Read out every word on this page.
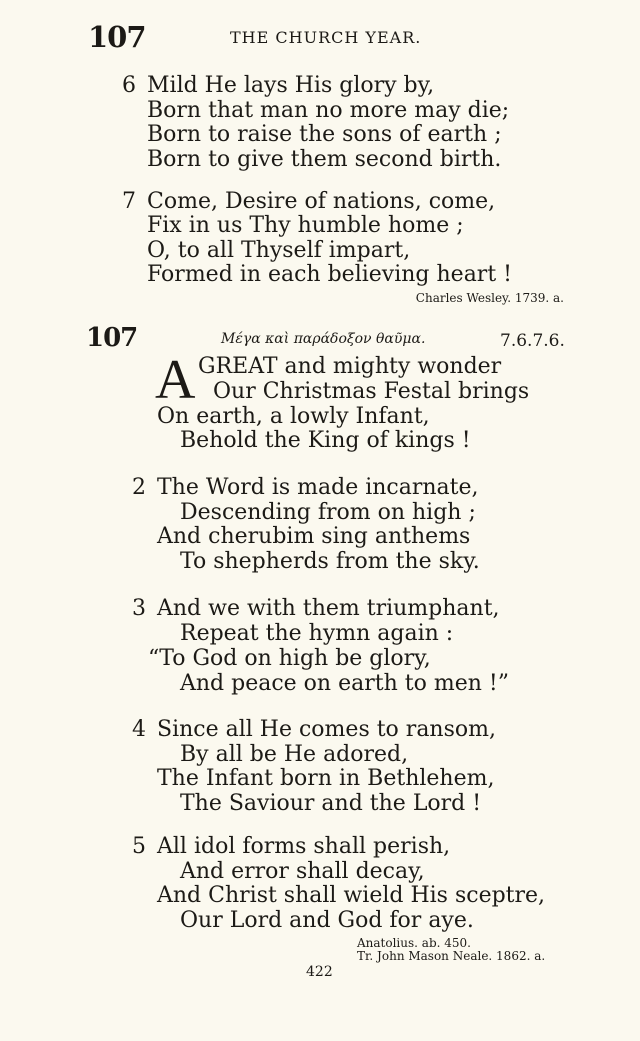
107	THE CHURCH YEAR.
6 Mild He lays His glory by,
Born that man no more may die;
Born to raise the sons of earth ;
Born to give them second birth.
7 Come, Desire of nations, come,
Fix in us Thy humble home ;
O, to all Thyself impart,
Formed in each believing heart !
Charles Wesley. 1739. a.
107	Μέγα καὶ παράδοξον θαῦμα.	7.6.7.6.
A GREAT and mighty wonder
Our Christmas Festal brings
On earth, a lowly Infant,
Behold the King of kings !
2 The Word is made incarnate,
Descending from on high ;
And cherubim sing anthems
To shepherds from the sky.
3 And we with them triumphant,
Repeat the hymn again :
“To God on high be glory,
And peace on earth to men !”
4 Since all He comes to ransom,
By all be He adored,
The Infant born in Bethlehem,
The Saviour and the Lord !
5 All idol forms shall perish,
And error shall decay,
And Christ shall wield His sceptre,
Our Lord and God for aye.
Anatolius. ab. 450.
Tr. John Mason Neale. 1862. a.
422
